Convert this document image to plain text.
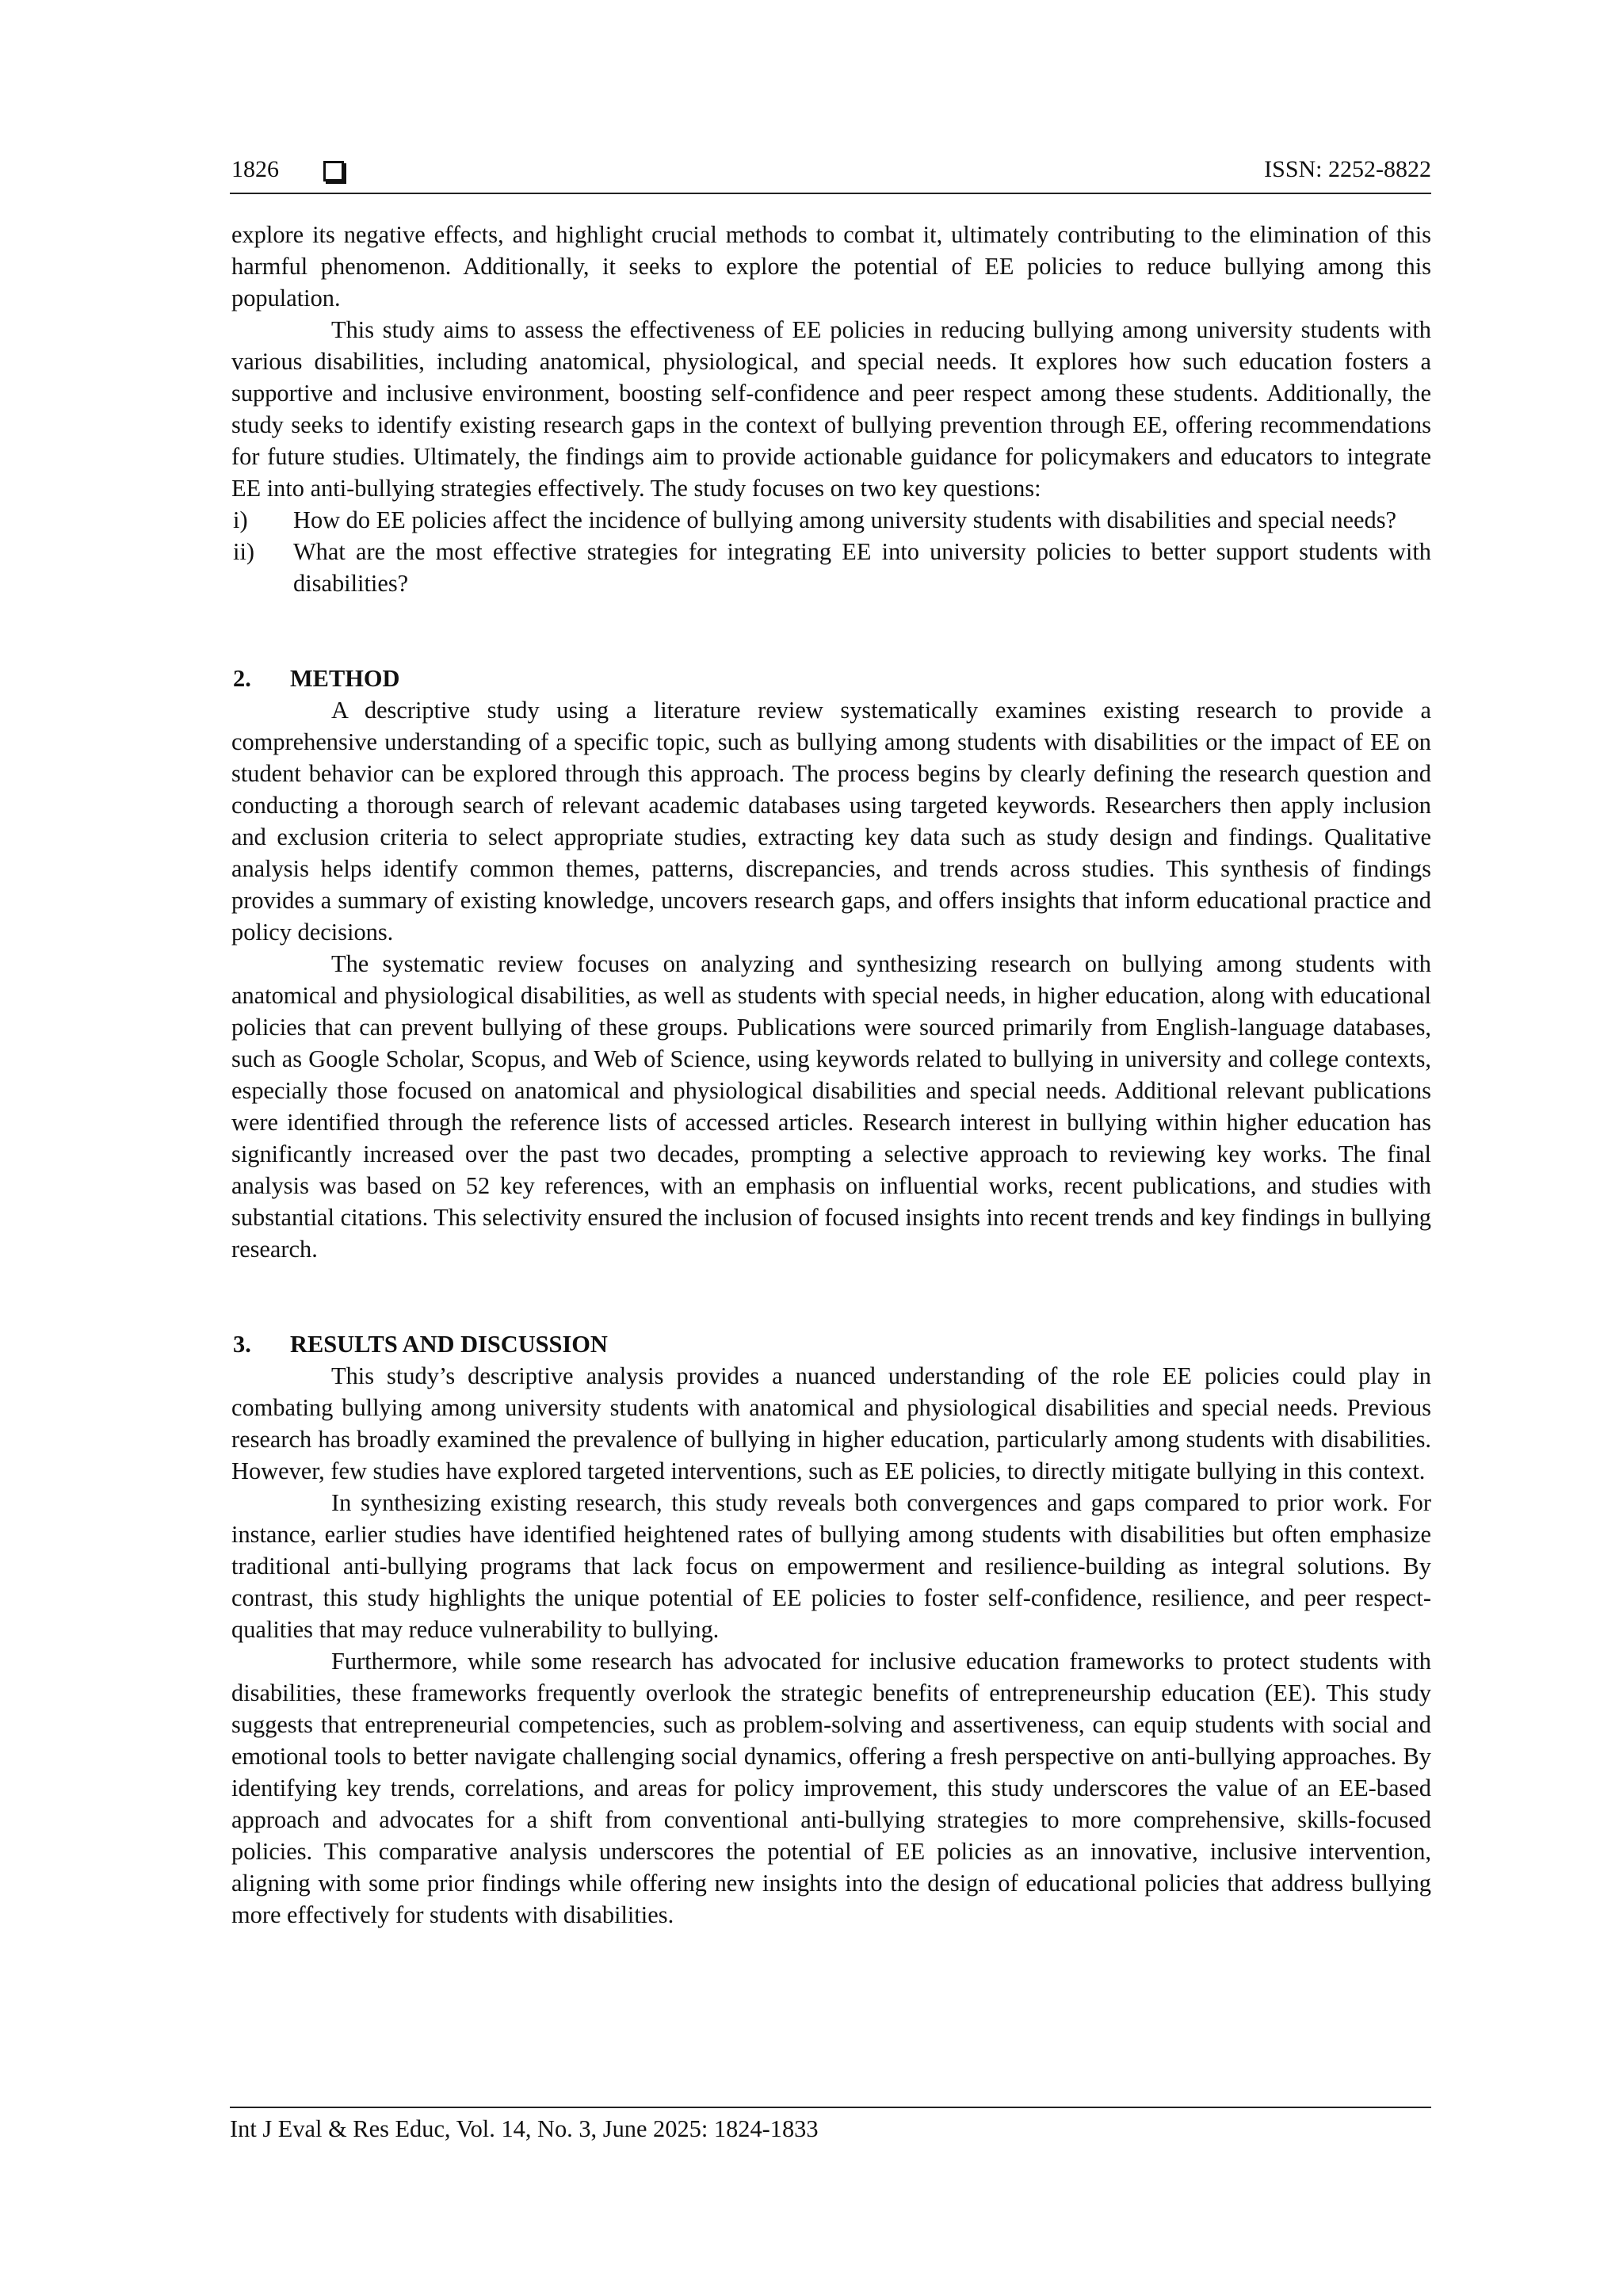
1826	ISSN: 2252-8822

explore its negative effects, and highlight crucial methods to combat it, ultimately contributing to the elimination of this harmful phenomenon. Additionally, it seeks to explore the potential of EE policies to reduce bullying among this population.

This study aims to assess the effectiveness of EE policies in reducing bullying among university students with various disabilities, including anatomical, physiological, and special needs. It explores how such education fosters a supportive and inclusive environment, boosting self-confidence and peer respect among these students. Additionally, the study seeks to identify existing research gaps in the context of bullying prevention through EE, offering recommendations for future studies. Ultimately, the findings aim to provide actionable guidance for policymakers and educators to integrate EE into anti-bullying strategies effectively. The study focuses on two key questions:

i) How do EE policies affect the incidence of bullying among university students with disabilities and special needs?
ii) What are the most effective strategies for integrating EE into university policies to better support students with disabilities?
2. METHOD

A descriptive study using a literature review systematically examines existing research to provide a comprehensive understanding of a specific topic, such as bullying among students with disabilities or the impact of EE on student behavior can be explored through this approach. The process begins by clearly defining the research question and conducting a thorough search of relevant academic databases using targeted keywords. Researchers then apply inclusion and exclusion criteria to select appropriate studies, extracting key data such as study design and findings. Qualitative analysis helps identify common themes, patterns, discrepancies, and trends across studies. This synthesis of findings provides a summary of existing knowledge, uncovers research gaps, and offers insights that inform educational practice and policy decisions.

The systematic review focuses on analyzing and synthesizing research on bullying among students with anatomical and physiological disabilities, as well as students with special needs, in higher education, along with educational policies that can prevent bullying of these groups. Publications were sourced primarily from English-language databases, such as Google Scholar, Scopus, and Web of Science, using keywords related to bullying in university and college contexts, especially those focused on anatomical and physiological disabilities and special needs. Additional relevant publications were identified through the reference lists of accessed articles. Research interest in bullying within higher education has significantly increased over the past two decades, prompting a selective approach to reviewing key works. The final analysis was based on 52 key references, with an emphasis on influential works, recent publications, and studies with substantial citations. This selectivity ensured the inclusion of focused insights into recent trends and key findings in bullying research.

3. RESULTS AND DISCUSSION

This study’s descriptive analysis provides a nuanced understanding of the role EE policies could play in combating bullying among university students with anatomical and physiological disabilities and special needs. Previous research has broadly examined the prevalence of bullying in higher education, particularly among students with disabilities. However, few studies have explored targeted interventions, such as EE policies, to directly mitigate bullying in this context.

In synthesizing existing research, this study reveals both convergences and gaps compared to prior work. For instance, earlier studies have identified heightened rates of bullying among students with disabilities but often emphasize traditional anti-bullying programs that lack focus on empowerment and resilience-building as integral solutions. By contrast, this study highlights the unique potential of EE policies to foster self-confidence, resilience, and peer respect-qualities that may reduce vulnerability to bullying.

Furthermore, while some research has advocated for inclusive education frameworks to protect students with disabilities, these frameworks frequently overlook the strategic benefits of entrepreneurship education (EE). This study suggests that entrepreneurial competencies, such as problem-solving and assertiveness, can equip students with social and emotional tools to better navigate challenging social dynamics, offering a fresh perspective on anti-bullying approaches. By identifying key trends, correlations, and areas for policy improvement, this study underscores the value of an EE-based approach and advocates for a shift from conventional anti-bullying strategies to more comprehensive, skills-focused policies. This comparative analysis underscores the potential of EE policies as an innovative, inclusive intervention, aligning with some prior findings while offering new insights into the design of educational policies that address bullying more effectively for students with disabilities.

Int J Eval & Res Educ, Vol. 14, No. 3, June 2025: 1824-1833
